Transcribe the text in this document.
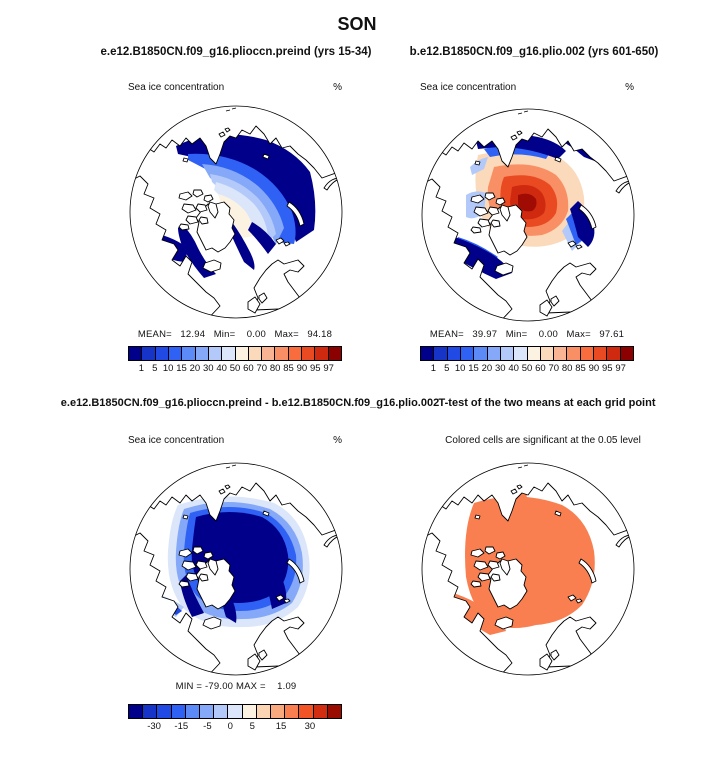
SON
e.e12.B1850CN.f09_g16.plioccn.preind (yrs 15-34)	b.e12.B1850CN.f09_g16.plio.002 (yrs 601-650)
Sea ice concentration	%	Sea ice concentration	%
MEAN=   12.94   Min=    0.00   Max=   94.18	MEAN=   39.97   Min=    0.00   Max=   97.61
1 5 10 15 20 30 40 50 60 70 80 85 90 95 97	1 5 10 15 20 30 40 50 60 70 80 85 90 95 97
e.e12.B1850CN.f09_g16.plioccn.preind - b.e12.B1850CN.f09_g16.plio.002 T-test of the two means at each grid point
Sea ice concentration	%	Colored cells are significant at the 0.05 level
MIN = -79.00 MAX =    1.09
-30 -15 -5 0 5 15 30
